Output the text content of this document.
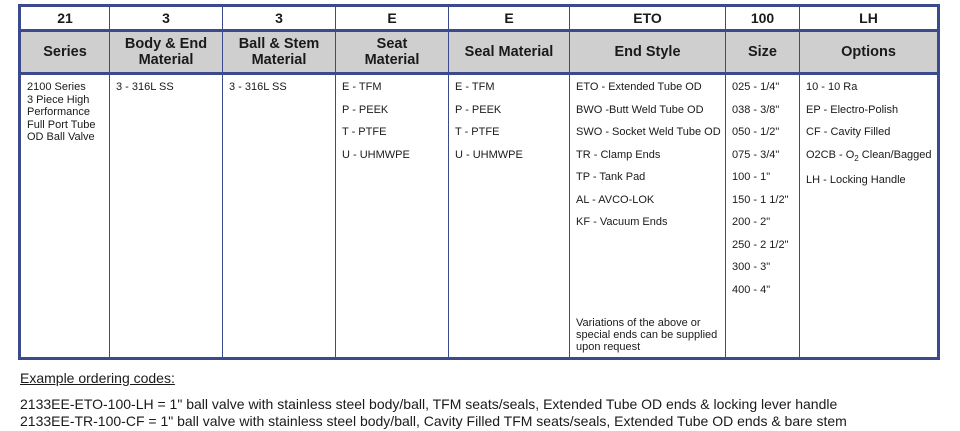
21
Series
2100 Series
3 Piece High
Performance
Full Port Tube
OD Ball Valve
3
Body & End
Material
3 - 316L SS
3
Ball & Stem
Material
3 - 316L SS
E
Seat
Material
E - TFM
P - PEEK
T - PTFE
U - UHMWPE
E
Seal Material
E - TFM
P - PEEK
T - PTFE
U - UHMWPE
ETO
End Style
ETO - Extended Tube OD
BWO -Butt Weld Tube OD
SWO - Socket Weld Tube OD
TR - Clamp Ends
TP - Tank Pad
AL - AVCO-LOK
KF - Vacuum Ends
Variations of the above or
special ends can be supplied
upon request
100
Size
025 - 1/4"
038 - 3/8"
050 - 1/2"
075 - 3/4"
100 - 1"
150 - 1 1/2"
200 - 2"
250 - 2 1/2"
300 - 3"
400 - 4"
LH
Options
10 - 10 Ra
EP - Electro-Polish
CF - Cavity Filled
$O2CB - O_2$ Clean/Bagged
LH - Locking Handle
Example ordering codes:
2133EE-ETO-100-LH = 1" ball valve with stainless steel body/ball, TFM seats/seals, Extended Tube OD ends & locking lever handle
2133EE-TR-100-CF = 1" ball valve with stainless steel body/ball, Cavity Filled TFM seats/seals, Extended Tube OD ends & bare stem
